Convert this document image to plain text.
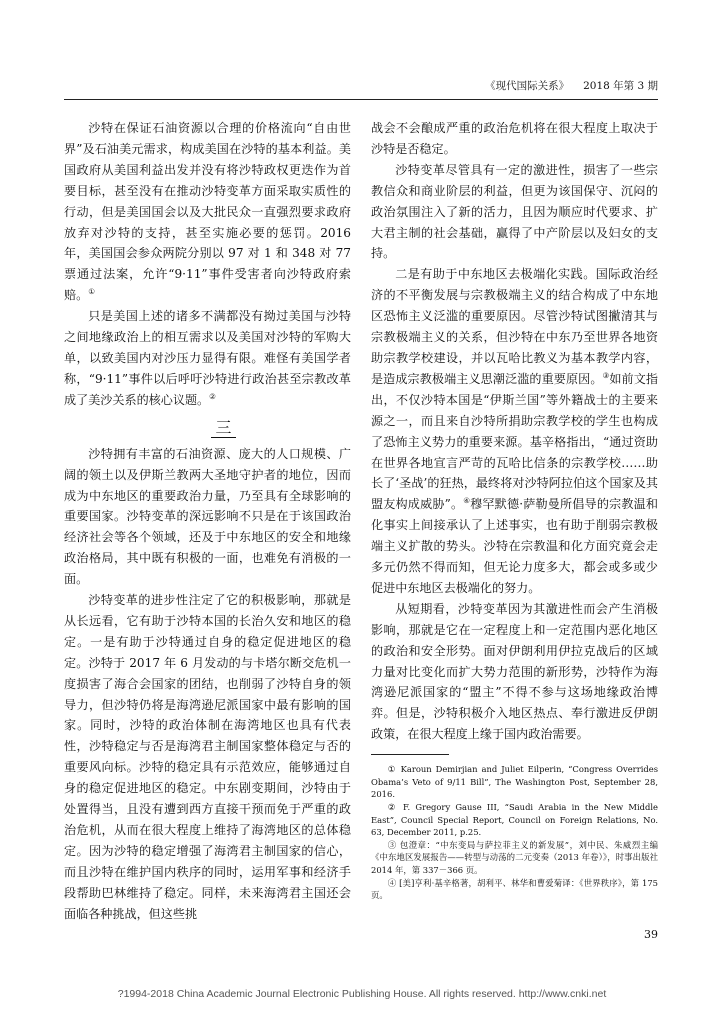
《现代国际关系》 2018 年第 3 期

沙特在保证石油资源以合理的价格流向“自由世界”及石油美元需求，构成美国在沙特的基本利益。美国政府从美国利益出发并没有将沙特政权更迭作为首要目标，甚至没有在推动沙特变革方面采取实质性的行动，但是美国国会以及大批民众一直强烈要求政府放弃对沙特的支持，甚至实施必要的惩罚。2016 年，美国国会参众两院分别以 97 对 1 和 348 对 77 票通过法案，允许“9·11”事件受害者向沙特政府索赔。①

只是美国上述的诸多不满都没有拗过美国与沙特之间地缘政治上的相互需求以及美国对沙特的军购大单，以致美国内对沙压力显得有限。难怪有美国学者称，“9·11”事件以后呼吁沙特进行政治甚至宗教改革成了美沙关系的核心议题。②

三

沙特拥有丰富的石油资源、庞大的人口规模、广阔的领土以及伊斯兰教两大圣地守护者的地位，因而成为中东地区的重要政治力量，乃至具有全球影响的重要国家。沙特变革的深远影响不只是在于该国政治经济社会等各个领域，还及于中东地区的安全和地缘政治格局，其中既有积极的一面，也难免有消极的一面。

沙特变革的进步性注定了它的积极影响，那就是从长远看，它有助于沙特本国的长治久安和地区的稳定。一是有助于沙特通过自身的稳定促进地区的稳定。沙特于 2017 年 6 月发动的与卡塔尔断交危机一度损害了海合会国家的团结，也削弱了沙特自身的领导力，但沙特仍将是海湾逊尼派国家中最有影响的国家。同时，沙特的政治体制在海湾地区也具有代表性，沙特稳定与否是海湾君主制国家整体稳定与否的重要风向标。沙特的稳定具有示范效应，能够通过自身的稳定促进地区的稳定。中东剧变期间，沙特由于处置得当，且没有遭到西方直接干预而免于严重的政治危机，从而在很大程度上维持了海湾地区的总体稳定。因为沙特的稳定增强了海湾君主制国家的信心，而且沙特在维护国内秩序的同时，运用军事和经济手段帮助巴林维持了稳定。同样，未来海湾君主国还会面临各种挑战，但这些挑

战会不会酿成严重的政治危机将在很大程度上取决于沙特是否稳定。

沙特变革尽管具有一定的激进性，损害了一些宗教信众和商业阶层的利益，但更为该国保守、沉闷的政治氛围注入了新的活力，且因为顺应时代要求、扩大君主制的社会基础，赢得了中产阶层以及妇女的支持。

二是有助于中东地区去极端化实践。国际政治经济的不平衡发展与宗教极端主义的结合构成了中东地区恐怖主义泛滥的重要原因。尽管沙特试图撇清其与宗教极端主义的关系，但沙特在中东乃至世界各地资助宗教学校建设，并以瓦哈比教义为基本教学内容，是造成宗教极端主义思潮泛滥的重要原因。③如前文指出，不仅沙特本国是“伊斯兰国”等外籍战士的主要来源之一，而且来自沙特所捐助宗教学校的学生也构成了恐怖主义势力的重要来源。基辛格指出，“通过资助在世界各地宣言严苛的瓦哈比信条的宗教学校……助长了‘圣战’的狂热，最终将对沙特阿拉伯这个国家及其盟友构成威胁”。④穆罕默德·萨勒曼所倡导的宗教温和化事实上间接承认了上述事实，也有助于削弱宗教极端主义扩散的势头。沙特在宗教温和化方面究竟会走多元仍然不得而知，但无论力度多大，都会或多或少促进中东地区去极端化的努力。

从短期看，沙特变革因为其激进性而会产生消极影响，那就是它在一定程度上和一定范围内恶化地区的政治和安全形势。面对伊朗利用伊拉克战后的区域力量对比变化而扩大势力范围的新形势，沙特作为海湾逊尼派国家的“盟主”不得不参与这场地缘政治博弈。但是，沙特积极介入地区热点、奉行激进反伊朗政策，在很大程度上缘于国内政治需要。

① Karoun Demirjian and Juliet Eilperin, “Congress Overrides Obama’s Veto of 9/11 Bill”, The Washington Post, September 28, 2016.

② F. Gregory Gause III, “Saudi Arabia in the New Middle East”, Council Special Report, Council on Foreign Relations, No. 63, December 2011, p.25.

③ 包澄章：“中东变局与萨拉菲主义的新发展”，刘中民、朱威烈主编《中东地区发展报告——转型与动荡的二元变奏（2013 年卷）》，时事出版社 2014 年，第 337－366 页。

④ [美]亨利·基辛格著，胡利平、林华和曹爱菊译：《世界秩序》，第 175 页。

39
?1994-2018 China Academic Journal Electronic Publishing House. All rights reserved. http://www.cnki.net
